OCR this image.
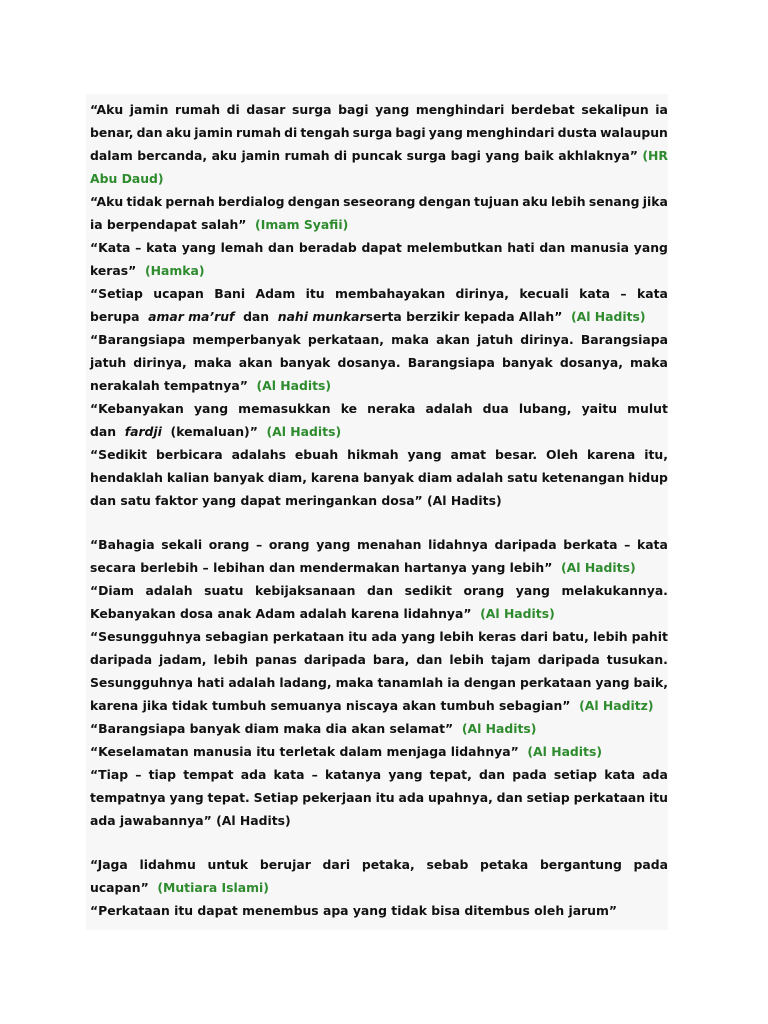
“Aku jamin rumah di dasar surga bagi yang menghindari berdebat sekalipun ia
benar, dan aku jamin rumah di tengah surga bagi yang menghindari dusta walaupun
dalam bercanda, aku jamin rumah di puncak surga bagi yang baik akhlaknya” (HR
Abu Daud)
“Aku tidak pernah berdialog dengan seseorang dengan tujuan aku lebih senang jika
ia berpendapat salah”  (Imam Syafii)
“Kata – kata yang lemah dan beradab dapat melembutkan hati dan manusia yang
keras”  (Hamka)
“Setiap ucapan Bani Adam itu membahayakan dirinya, kecuali kata – kata
berupa  amar ma’ruf  dan  nahi munkarserta berzikir kepada Allah”  (Al Hadits)
“Barangsiapa memperbanyak perkataan, maka akan jatuh dirinya. Barangsiapa
jatuh dirinya, maka akan banyak dosanya. Barangsiapa banyak dosanya, maka
nerakalah tempatnya”  (Al Hadits)
“Kebanyakan yang memasukkan ke neraka adalah dua lubang, yaitu mulut
dan  fardji  (kemaluan)”  (Al Hadits)
“Sedikit berbicara adalahs ebuah hikmah yang amat besar. Oleh karena itu,
hendaklah kalian banyak diam, karena banyak diam adalah satu ketenangan hidup
dan satu faktor yang dapat meringankan dosa” (Al Hadits)
“Bahagia sekali orang – orang yang menahan lidahnya daripada berkata – kata
secara berlebih – lebihan dan mendermakan hartanya yang lebih”  (Al Hadits)
“Diam adalah suatu kebijaksanaan dan sedikit orang yang melakukannya.
Kebanyakan dosa anak Adam adalah karena lidahnya”  (Al Hadits)
“Sesungguhnya sebagian perkataan itu ada yang lebih keras dari batu, lebih pahit
daripada jadam, lebih panas daripada bara, dan lebih tajam daripada tusukan.
Sesungguhnya hati adalah ladang, maka tanamlah ia dengan perkataan yang baik,
karena jika tidak tumbuh semuanya niscaya akan tumbuh sebagian”  (Al Haditz)
“Barangsiapa banyak diam maka dia akan selamat”  (Al Hadits)
“Keselamatan manusia itu terletak dalam menjaga lidahnya”  (Al Hadits)
“Tiap – tiap tempat ada kata – katanya yang tepat, dan pada setiap kata ada
tempatnya yang tepat. Setiap pekerjaan itu ada upahnya, dan setiap perkataan itu
ada jawabannya” (Al Hadits)
“Jaga lidahmu untuk berujar dari petaka, sebab petaka bergantung pada
ucapan”  (Mutiara Islami)
“Perkataan itu dapat menembus apa yang tidak bisa ditembus oleh jarum”
